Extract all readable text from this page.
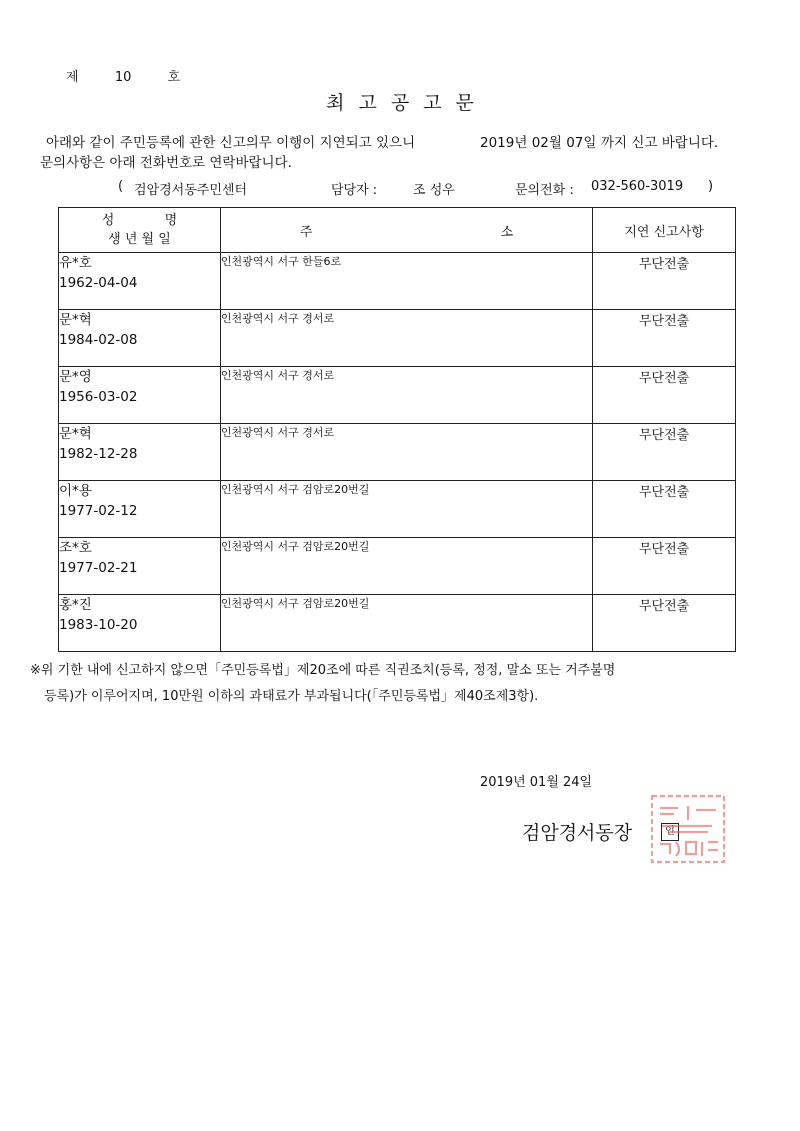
제	10	호
최고공고문
아래와 같이 주민등록에 관한 신고의무 이행이 지연되고 있으니	2019년 02월 07일 까지 신고 바랍니다.
문의사항은 아래 전화번호로 연락바랍니다.
( 검암경서동주민센터	담당자 :	조 성우	문의전화 : 032-560-3019 )
성 명
생 년 월 일	주 소	지연 신고사항

유*호
1962-04-04	인천광역시 서구 한들6로	무단전출

문*혁
1984-02-08	인천광역시 서구 경서로	무단전출

문*영
1956-03-02	인천광역시 서구 경서로	무단전출

문*혁
1982-12-28	인천광역시 서구 경서로	무단전출

이*용
1977-02-12	인천광역시 서구 검암로20번길	무단전출

조*호
1977-02-21	인천광역시 서구 검암로20번길	무단전출

홍*진
1983-10-20	인천광역시 서구 검암로20번길	무단전출
※위 기한 내에 신고하지 않으면「주민등록법」제20조에 따른 직권조치(등록, 정정, 말소 또는 거주불명
등록)가 이루어지며, 10만원 이하의 과태료가 부과됩니다(「주민등록법」제40조제3항).
2019년 01월 24일
검암경서동장	인
